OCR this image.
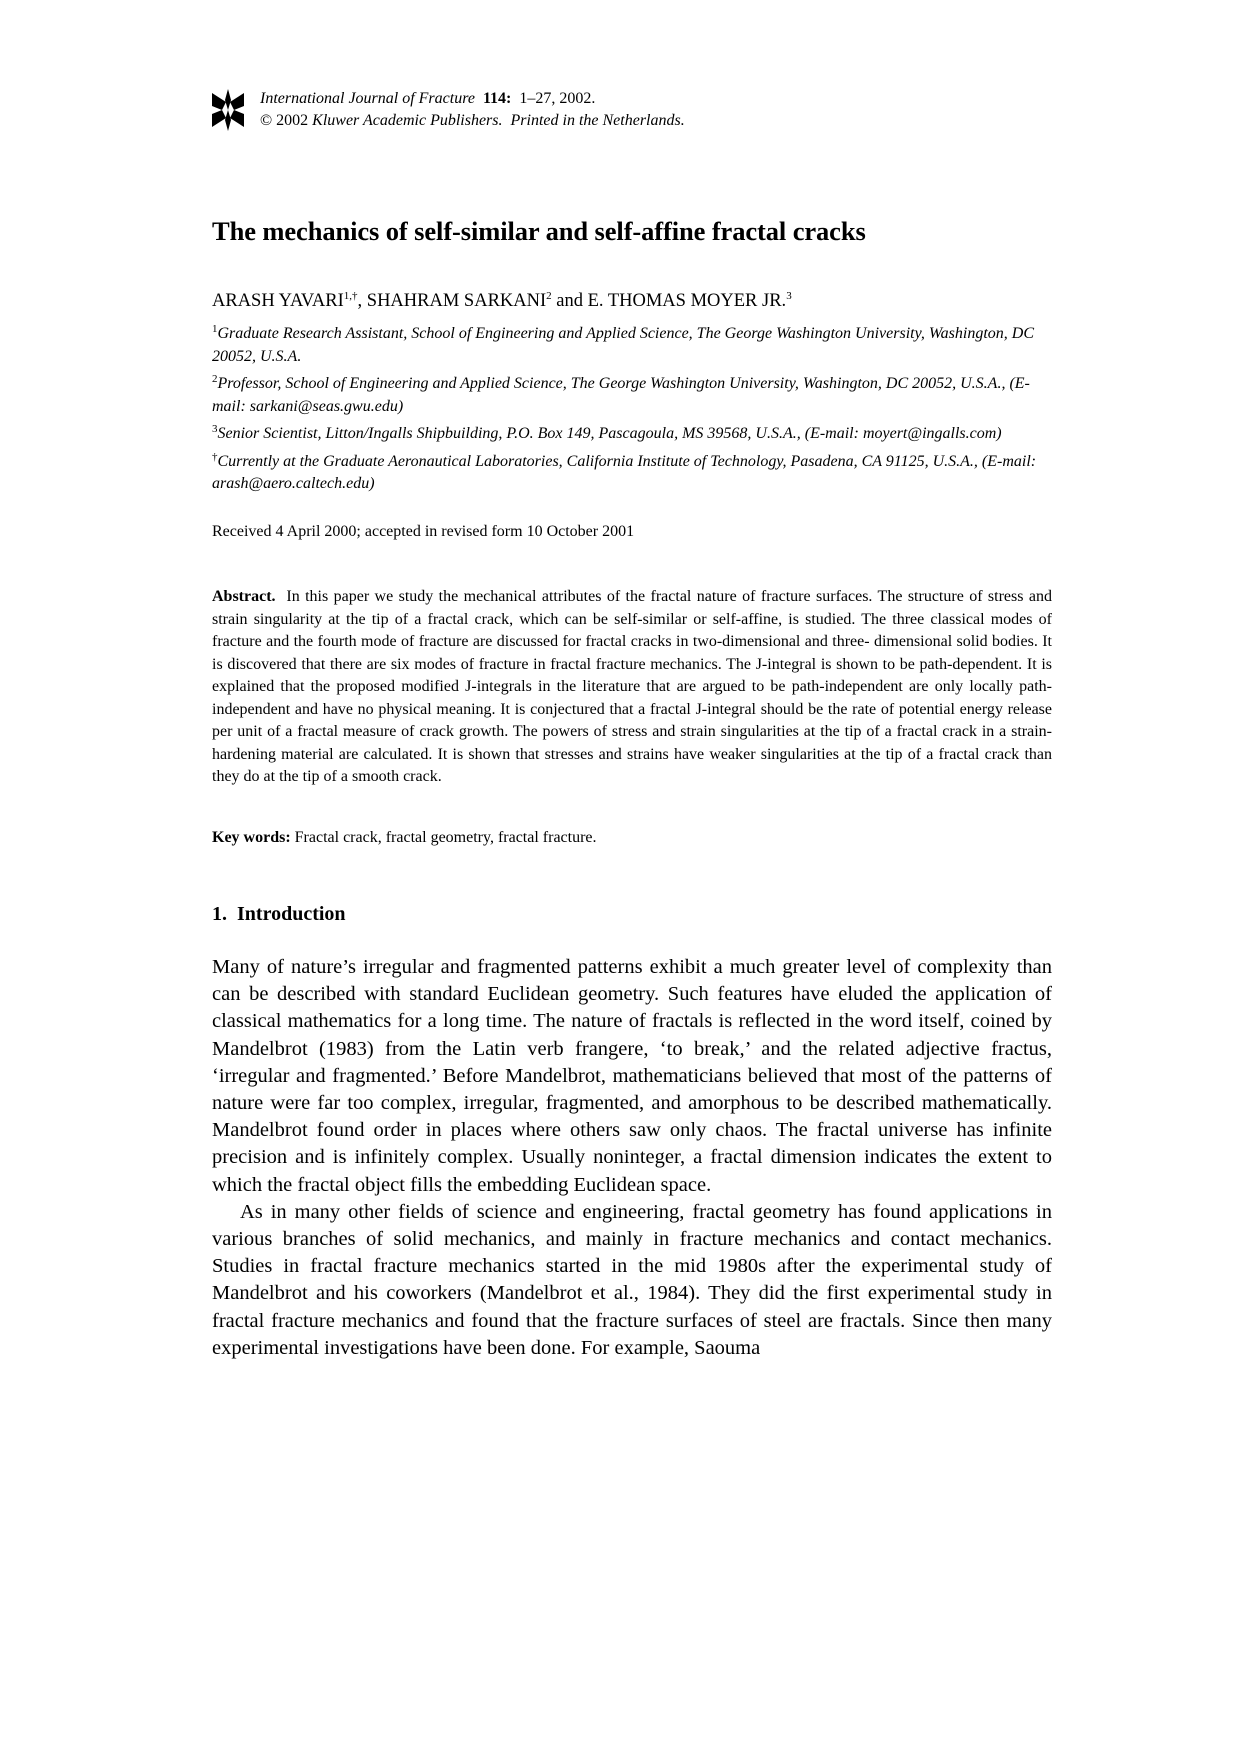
International Journal of Fracture 114: 1–27, 2002.
© 2002 Kluwer Academic Publishers. Printed in the Netherlands.
The mechanics of self-similar and self-affine fractal cracks
ARASH $YAVARI^{1,\dagger}$, SHAHRAM SARKANI$^2$ and E. THOMAS MOYER JR.$^3$
$^1$Graduate Research Assistant, School of Engineering and Applied Science, The George Washington University, Washington, DC 20052, U.S.A.
$^2$Professor, School of Engineering and Applied Science, The George Washington University, Washington, DC 20052, U.S.A., (E-mail: sarkani@seas.gwu.edu)
$^3$Senior Scientist, Litton/Ingalls Shipbuilding, P.O. Box 149, Pascagoula, MS 39568, U.S.A., (E-mail: moyert@ingalls.com)
†Currently at the Graduate Aeronautical Laboratories, California Institute of Technology, Pasadena, CA 91125, U.S.A., (E-mail: arash@aero.caltech.edu)
Received 4 April 2000; accepted in revised form 10 October 2001
Abstract. In this paper we study the mechanical attributes of the fractal nature of fracture surfaces. The structure of stress and strain singularity at the tip of a fractal crack, which can be self-similar or self-affine, is studied. The three classical modes of fracture and the fourth mode of fracture are discussed for fractal cracks in two-dimensional and three- dimensional solid bodies. It is discovered that there are six modes of fracture in fractal fracture mechanics. The J-integral is shown to be path-dependent. It is explained that the proposed modified J-integrals in the literature that are argued to be path-independent are only locally path-independent and have no physical meaning. It is conjectured that a fractal J-integral should be the rate of potential energy release per unit of a fractal measure of crack growth. The powers of stress and strain singularities at the tip of a fractal crack in a strain-hardening material are calculated. It is shown that stresses and strains have weaker singularities at the tip of a fractal crack than they do at the tip of a smooth crack.
Key words: Fractal crack, fractal geometry, fractal fracture.
1. Introduction

Many of nature’s irregular and fragmented patterns exhibit a much greater level of complexity than can be described with standard Euclidean geometry. Such features have eluded the application of classical mathematics for a long time. The nature of fractals is reflected in the word itself, coined by Mandelbrot (1983) from the Latin verb frangere, ‘to break,’ and the related adjective fractus, ‘irregular and fragmented.’ Before Mandelbrot, mathematicians believed that most of the patterns of nature were far too complex, irregular, fragmented, and amorphous to be described mathematically. Mandelbrot found order in places where others saw only chaos. The fractal universe has infinite precision and is infinitely complex. Usually noninteger, a fractal dimension indicates the extent to which the fractal object fills the embedding Euclidean space.

As in many other fields of science and engineering, fractal geometry has found applications in various branches of solid mechanics, and mainly in fracture mechanics and contact mechanics. Studies in fractal fracture mechanics started in the mid 1980s after the experimental study of Mandelbrot and his coworkers (Mandelbrot et al., 1984). They did the first experimental study in fractal fracture mechanics and found that the fracture surfaces of steel are fractals. Since then many experimental investigations have been done. For example, Saouma
